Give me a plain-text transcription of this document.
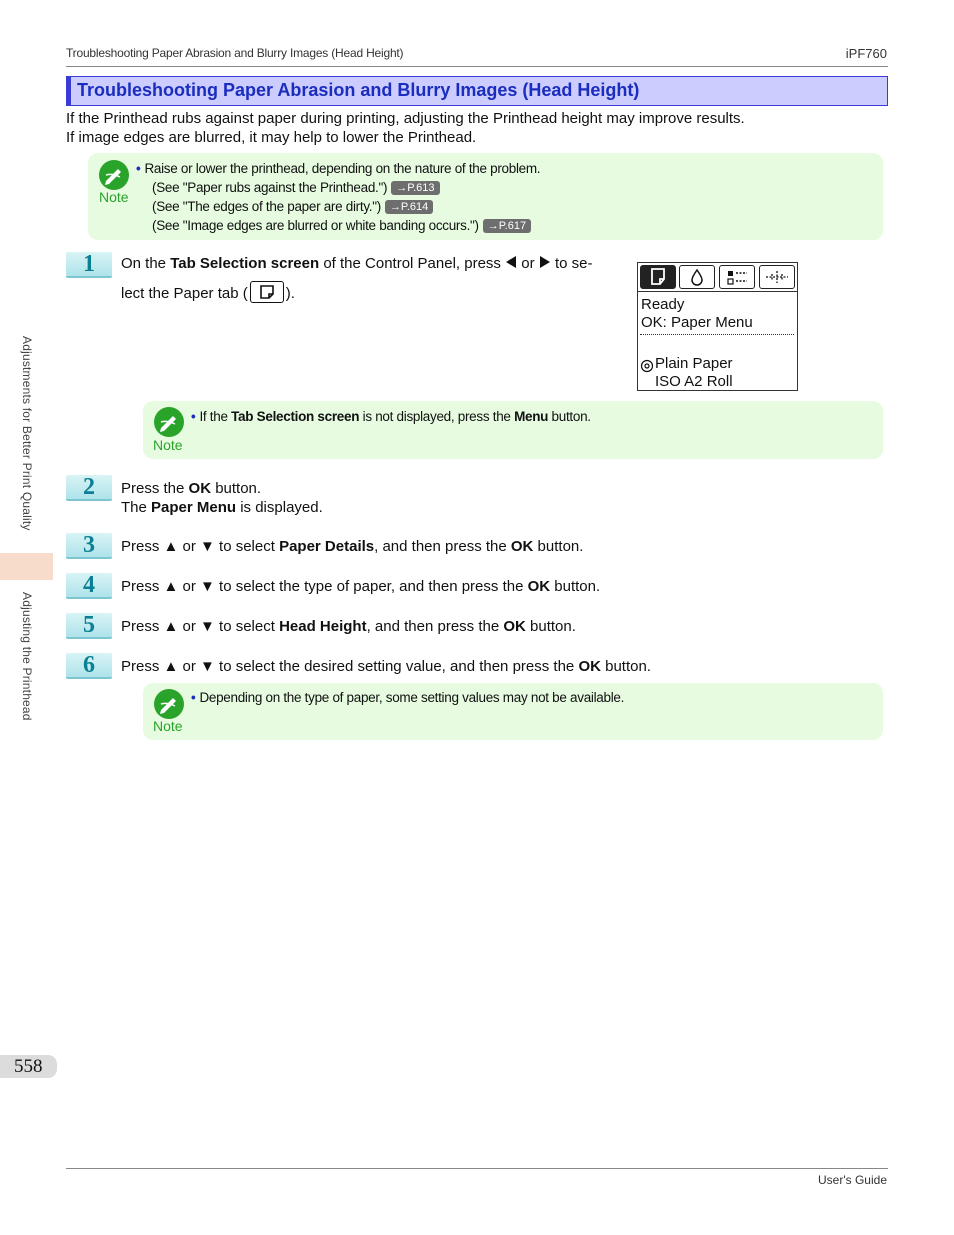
Troubleshooting Paper Abrasion and Blurry Images (Head Height)	iPF760
Adjustments for Better Print Quality
Adjusting the Printhead
558
Troubleshooting Paper Abrasion and Blurry Images (Head Height)
If the Printhead rubs against paper during printing, adjusting the Printhead height may improve results.
If image edges are blurred, it may help to lower the Printhead.
Note
• Raise or lower the printhead, depending on the nature of the problem.
(See "Paper rubs against the Printhead.") →P.613
(See "The edges of the paper are dirty.") →P.614
(See "Image edges are blurred or white banding occurs.") →P.617
1	On the Tab Selection screen of the Control Panel, press  or  to se-
lect the Paper tab (	).
Ready
OK: Paper Menu
Plain Paper
ISO A2 Roll
Note
• If the Tab Selection screen is not displayed, press the Menu button.
2	Press the OK button.
The Paper Menu is displayed.
3	Press ▲ or ▼ to select Paper Details, and then press the OK button.
4	Press ▲ or ▼ to select the type of paper, and then press the OK button.
5	Press ▲ or ▼ to select Head Height, and then press the OK button.
6	Press ▲ or ▼ to select the desired setting value, and then press the OK button.
Note
• Depending on the type of paper, some setting values may not be available.
User's Guide
